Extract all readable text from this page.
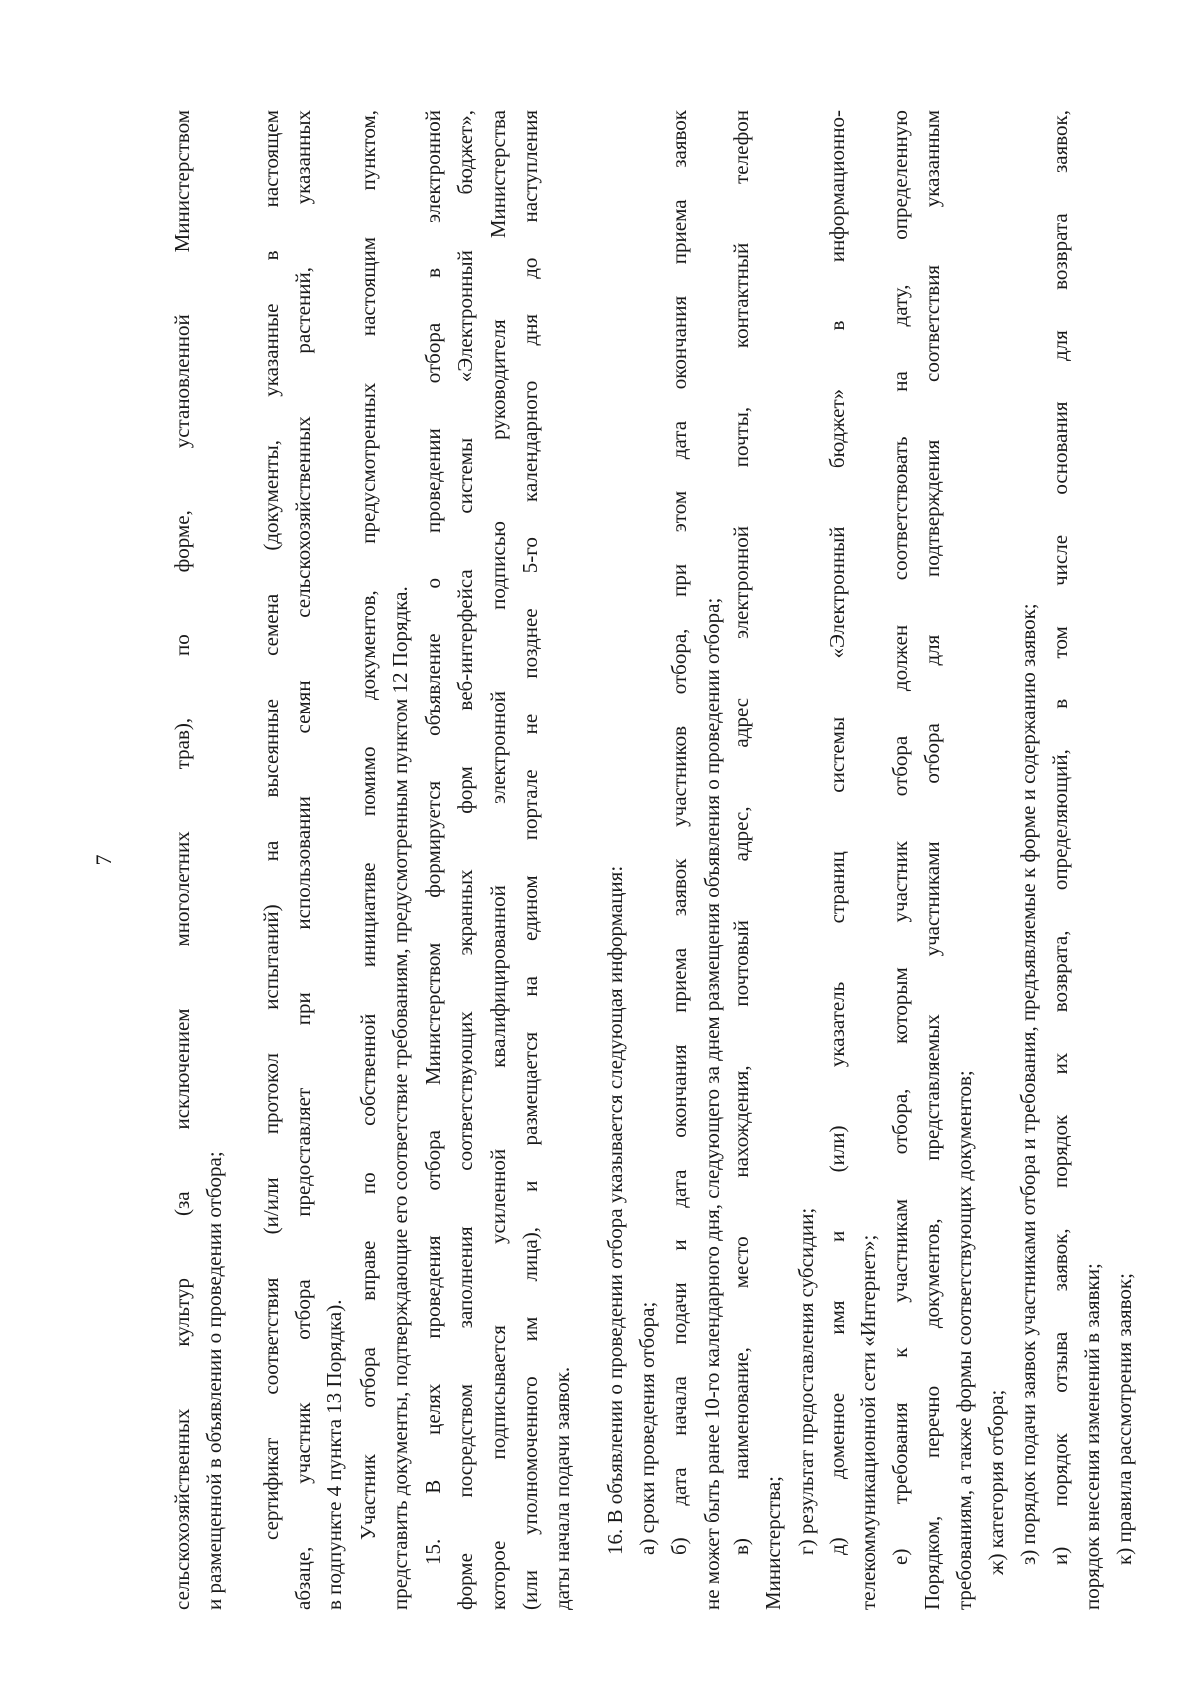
7	сельскохозяйственных культур (за исключением многолетних трав), по форме, установленной Министерством и размещенной в объявлении о проведении отбора; сертификат соответствия (и/или протокол испытаний) на высеянные семена (документы, указанные в настоящем абзаце, участник отбора предоставляет при использовании семян сельскохозяйственных растений, указанных в подпункте 4 пункта 13 Порядка). Участник отбора вправе по собственной инициативе помимо документов, предусмотренных настоящим пунктом, представить документы, подтверждающие его соответствие требованиям, предусмотренным пунктом 12 Порядка. 15. В целях проведения отбора Министерством формируется объявление о проведении отбора в электронной форме посредством заполнения соответствующих экранных форм веб-интерфейса системы «Электронный бюджет», которое подписывается усиленной квалифицированной электронной подписью руководителя Министерства (или уполномоченного им лица), и размещается на едином портале не позднее 5-го календарного дня до наступления даты начала подачи заявок. 16. В объявлении о проведении отбора указывается следующая информация: а) сроки проведения отбора; б) дата начала подачи и дата окончания приема заявок участников отбора, при этом дата окончания приема заявок не может быть ранее 10-го календарного дня, следующего за днем размещения объявления о проведении отбора; в) наименование, место нахождения, почтовый адрес, адрес электронной почты, контактный телефон Министерства; г) результат предоставления субсидии; д) доменное имя и (или) указатель страниц системы «Электронный бюджет» в информационно- телекоммуникационной сети «Интернет»; е) требования к участникам отбора, которым участник отбора должен соответствовать на дату, определенную Порядком, перечно документов, представляемых участниками отбора для подтверждения соответствия указанным требованиям, а также формы соответствующих документов; ж) категория отбора; з) порядок подачи заявок участниками отбора и требования, предъявляемые к форме и содержанию заявок; и) порядок отзыва заявок, порядок их возврата, определяющий, в том числе основания для возврата заявок, порядок внесения изменений в заявки; к) правила рассмотрения заявок;
